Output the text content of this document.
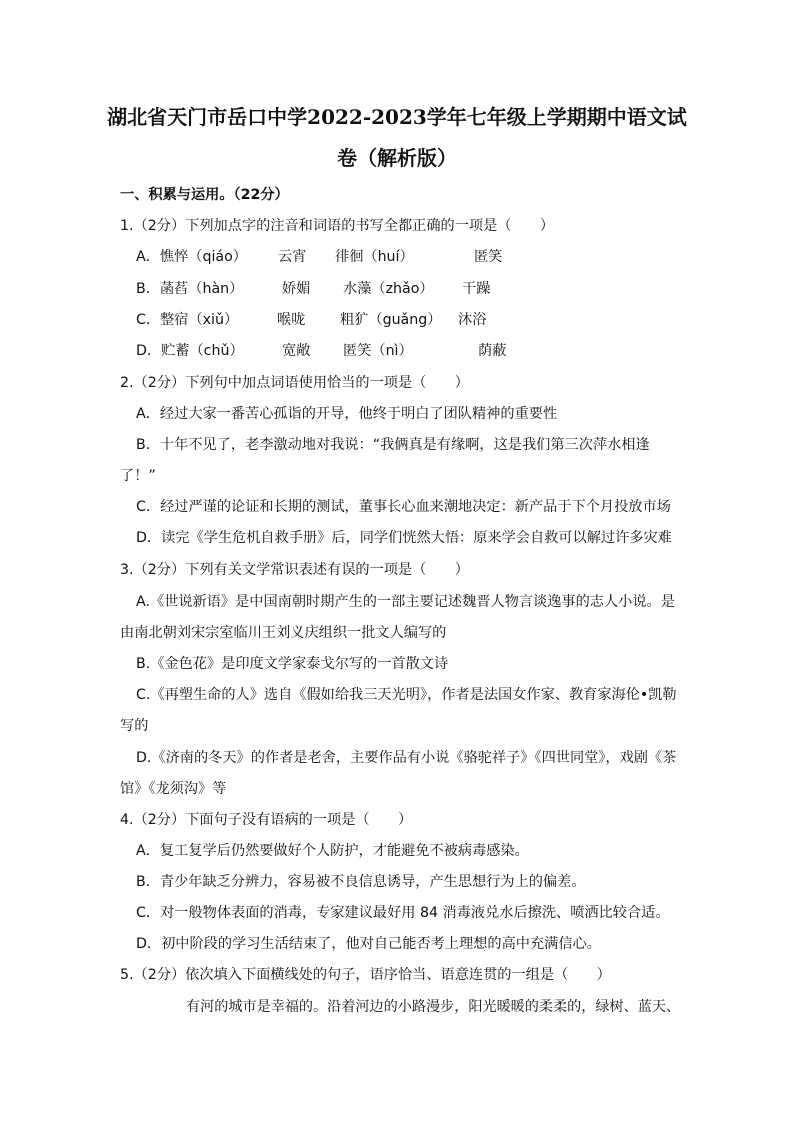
湖北省天门市岳口中学2022-2023学年七年级上学期期中语文试
卷（解析版）
一、积累与运用。（22分）
1.（2分）下列加点字的注音和词语的书写全都正确的一项是（　　）
A．憔悴（qiáo） 云宵 徘徊（huí）	匿笑
B．菡萏（hàn）	娇媚 水藻（zhǎo） 干躁
C．整宿（xiǔ）	喉咙 粗犷（guǎng） 沐浴
D．贮蓄（chǔ）	宽敞 匿笑（nì）	荫蔽
2.（2分）下列句中加点词语使用恰当的一项是（　　）
A．经过大家一番苦心孤诣的开导，他终于明白了团队精神的重要性
B．十年不见了，老李激动地对我说：“我俩真是有缘啊，这是我们第三次萍水相逢
了！”
C．经过严谨的论证和长期的测试，董事长心血来潮地决定：新产品于下个月投放市场
D．读完《学生危机自救手册》后，同学们恍然大悟：原来学会自救可以解过许多灾难
3.（2分）下列有关文学常识表述有误的一项是（　　）
A.《世说新语》是中国南朝时期产生的一部主要记述魏晋人物言谈逸事的志人小说。是
由南北朝刘宋宗室临川王刘义庆组织一批文人编写的
B.《金色花》是印度文学家泰戈尔写的一首散文诗
C.《再塑生命的人》选自《假如给我三天光明》，作者是法国女作家、教育家海伦•凯勒
写的
D.《济南的冬天》的作者是老舍，主要作品有小说《骆驼祥子》《四世同堂》，戏剧《茶
馆》《龙须沟》等
4.（2分）下面句子没有语病的一项是（　　）
A．复工复学后仍然要做好个人防护，才能避免不被病毒感染。
B．青少年缺乏分辨力，容易被不良信息诱导，产生思想行为上的偏差。
C．对一般物体表面的消毒，专家建议最好用 84 消毒液兑水后擦洗、喷洒比较合适。
D．初中阶段的学习生活结束了，他对自己能否考上理想的高中充满信心。
5.（2分）依次填入下面横线处的句子，语序恰当、语意连贯的一组是（　　）
有河的城市是幸福的。沿着河边的小路漫步，阳光暖暖的柔柔的，绿树、蓝天、
